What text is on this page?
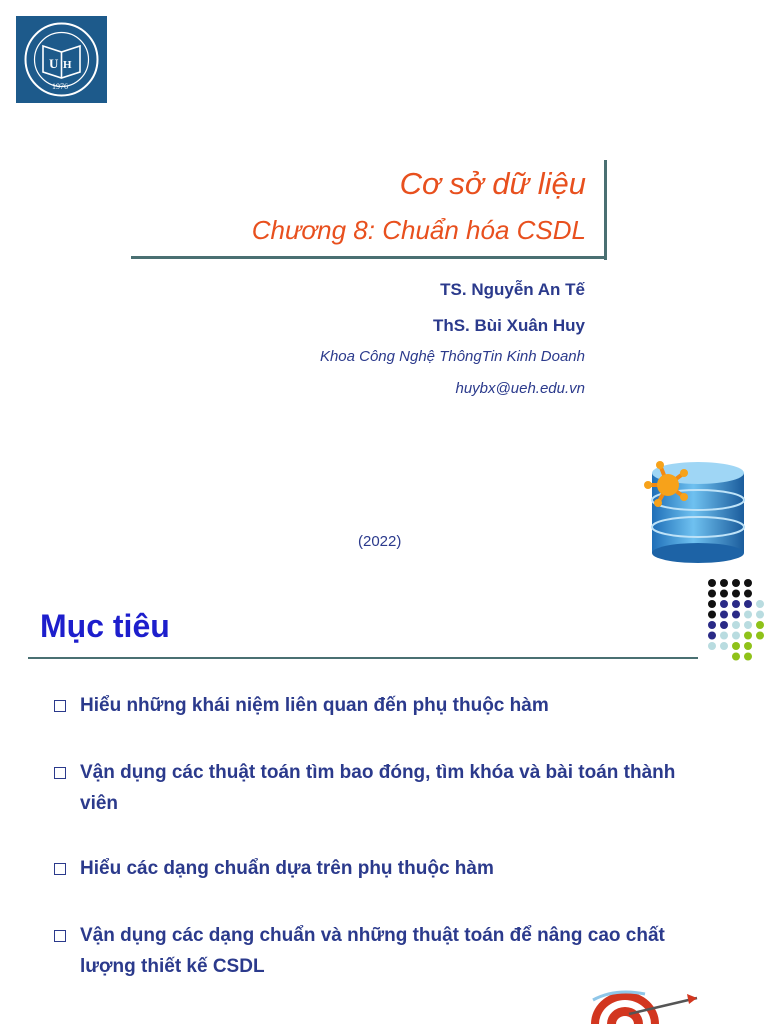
U H
1976
Cơ sở dữ liệu
Chương 8: Chuẩn hóa CSDL
TS. Nguyễn An Tế
ThS. Bùi Xuân Huy
Khoa Công Nghệ ThôngTin Kinh Doanh
huybx@ueh.edu.vn
(2022)
Mục tiêu
Hiểu những khái niệm liên quan đến phụ thuộc hàm
Vận dụng các thuật toán tìm bao đóng, tìm khóa và bài toán thành viên
Hiểu các dạng chuẩn dựa trên phụ thuộc hàm
Vận dụng các dạng chuẩn và những thuật toán để nâng cao chất lượng thiết kế CSDL
